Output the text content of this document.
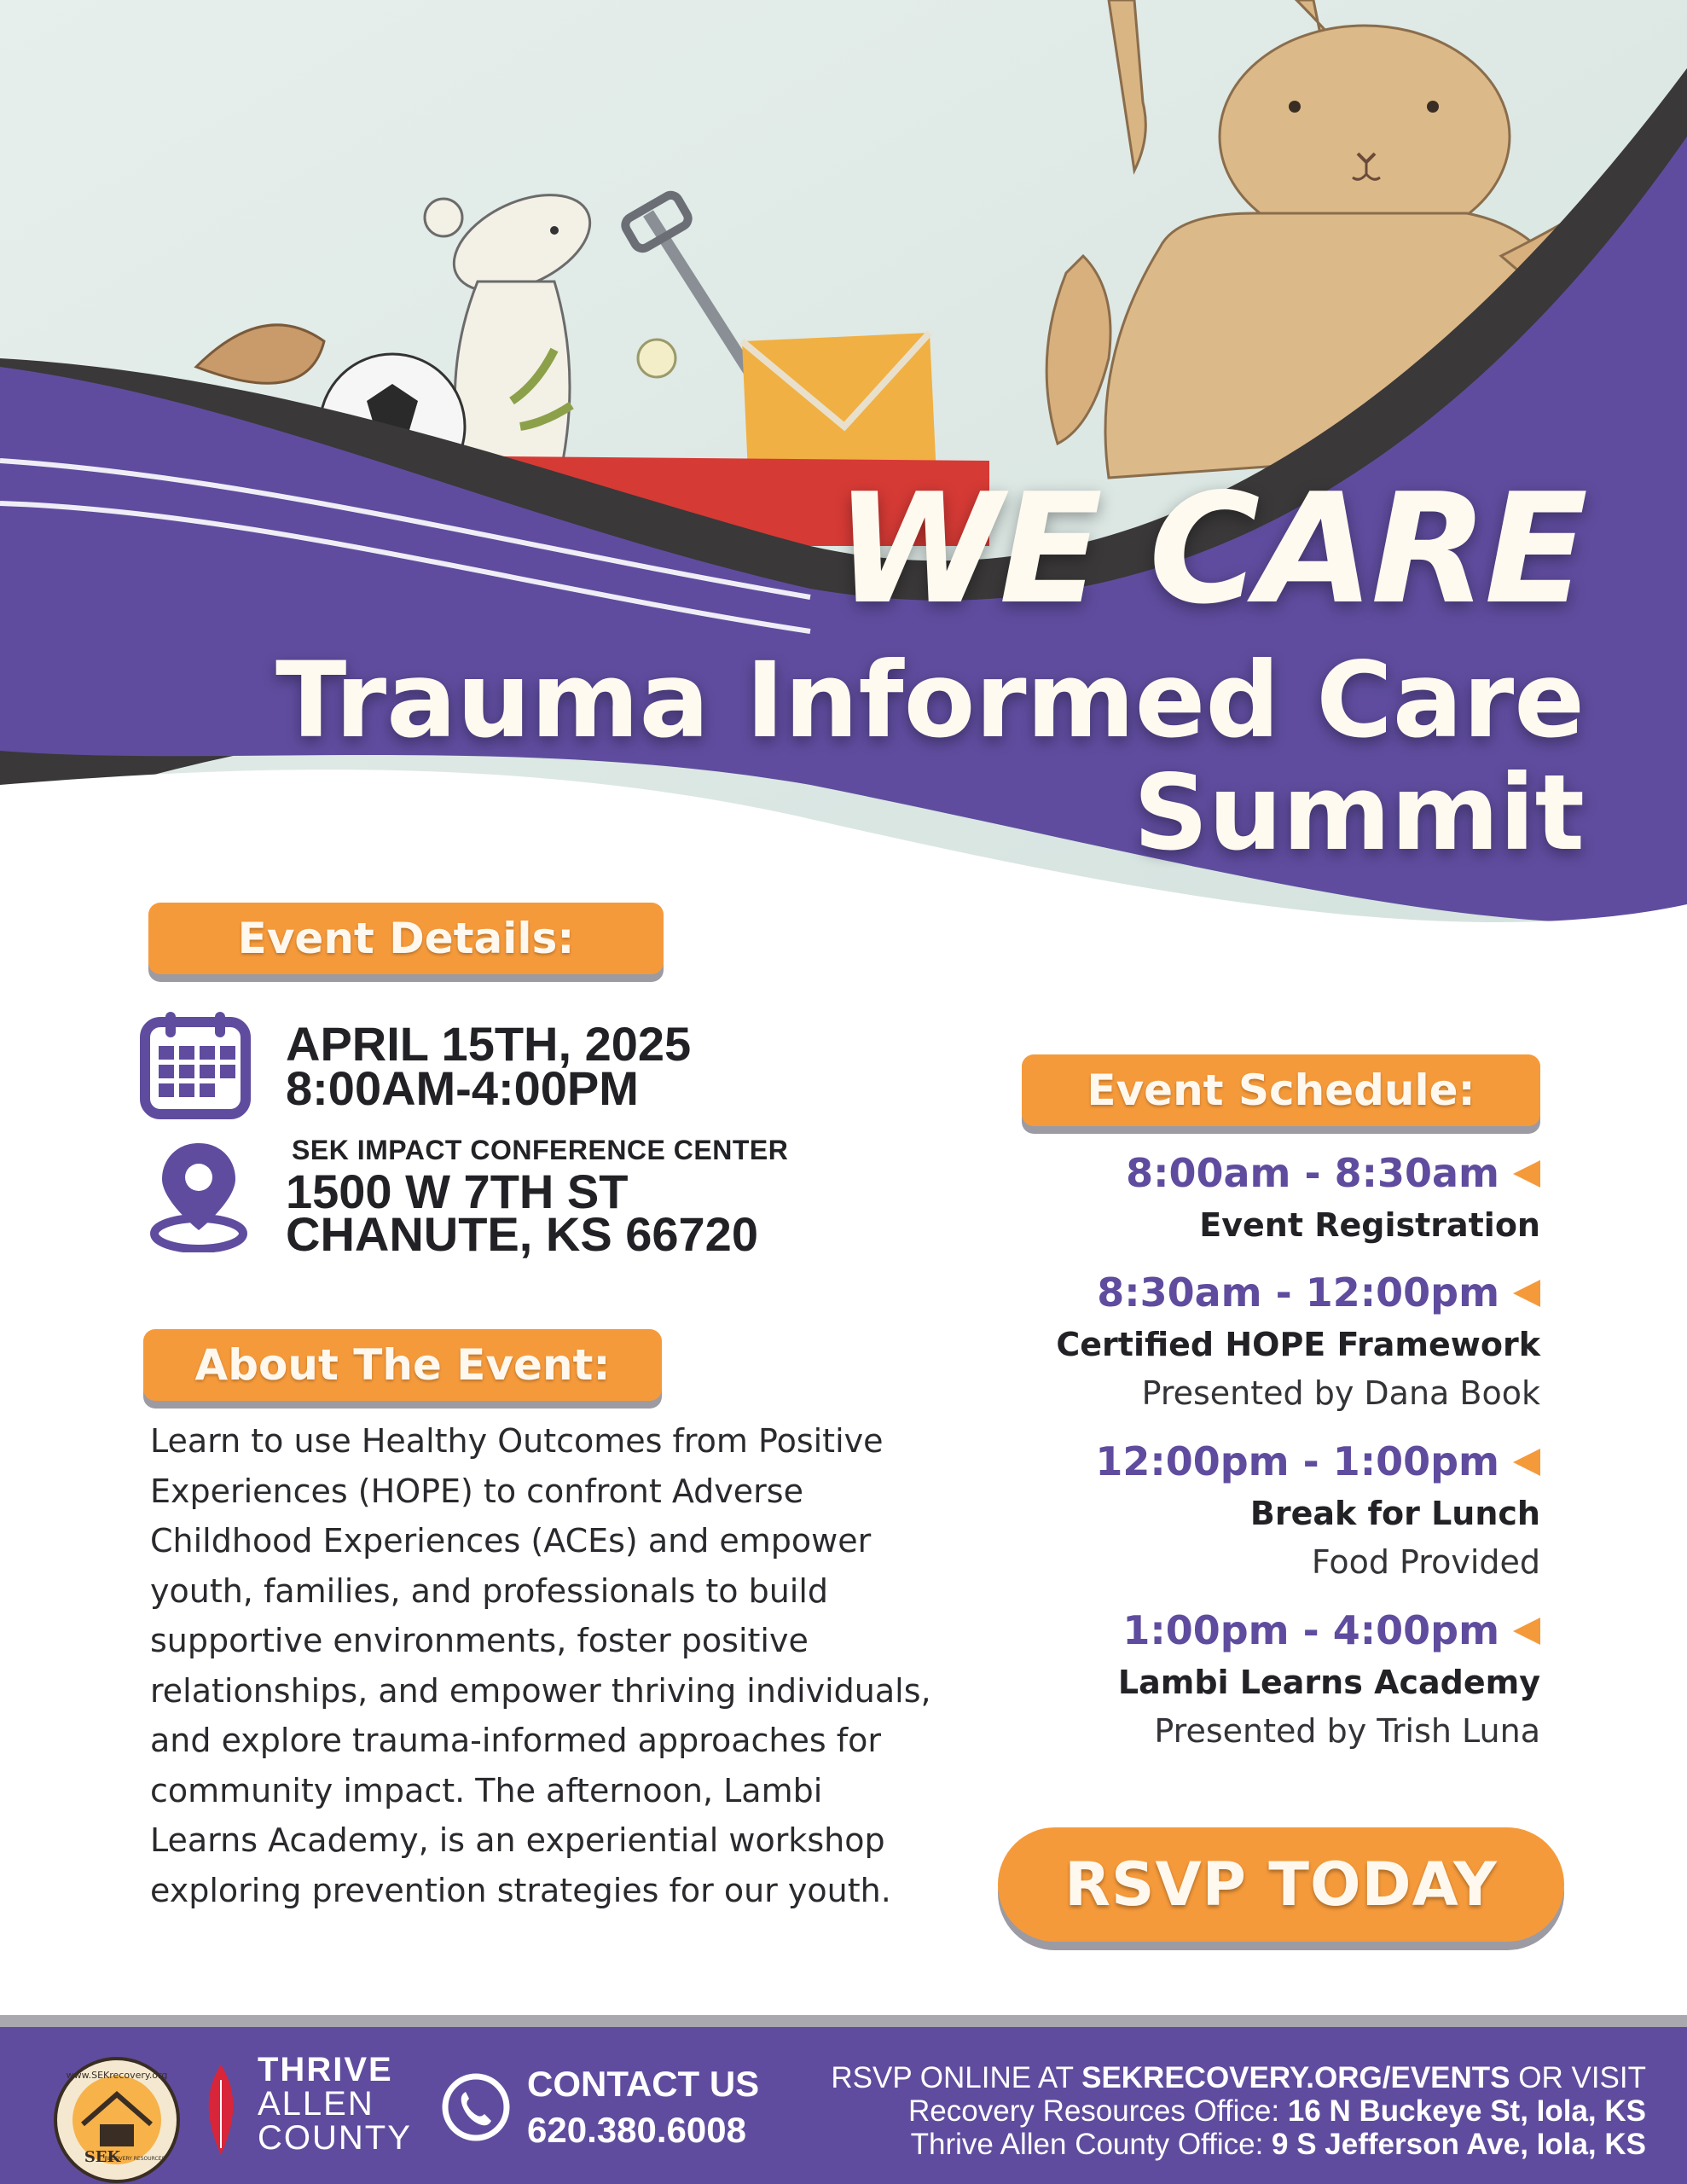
WE CARE
Trauma Informed Care
Summit
Event Details:
APRIL 15TH, 2025
8:00AM-4:00PM
SEK IMPACT CONFERENCE CENTER
1500 W 7TH ST
CHANUTE, KS 66720
About The Event:
Learn to use Healthy Outcomes from Positive Experiences (HOPE) to confront Adverse Childhood Experiences (ACEs) and empower youth, families, and professionals to build supportive environments, foster positive relationships, and empower thriving individuals, and explore trauma-informed approaches for community impact. The afternoon, Lambi Learns Academy, is an experiential workshop exploring prevention strategies for our youth.
Event Schedule:
8:00am - 8:30am
Event Registration
8:30am - 12:00pm
Certified HOPE Framework
Presented by Dana Book
12:00pm - 1:00pm
Break for Lunch
Food Provided
1:00pm - 4:00pm
Lambi Learns Academy
Presented by Trish Luna
RSVP TODAY
www.SEKrecovery.org
SEK
RECOVERY RESOURCES
THRIVE
ALLEN
COUNTY
CONTACT US
620.380.6008
RSVP ONLINE AT SEKRECOVERY.ORG/EVENTS OR VISIT
Recovery Resources Office: 16 N Buckeye St, Iola, KS
Thrive Allen County Office: 9 S Jefferson Ave, Iola, KS
